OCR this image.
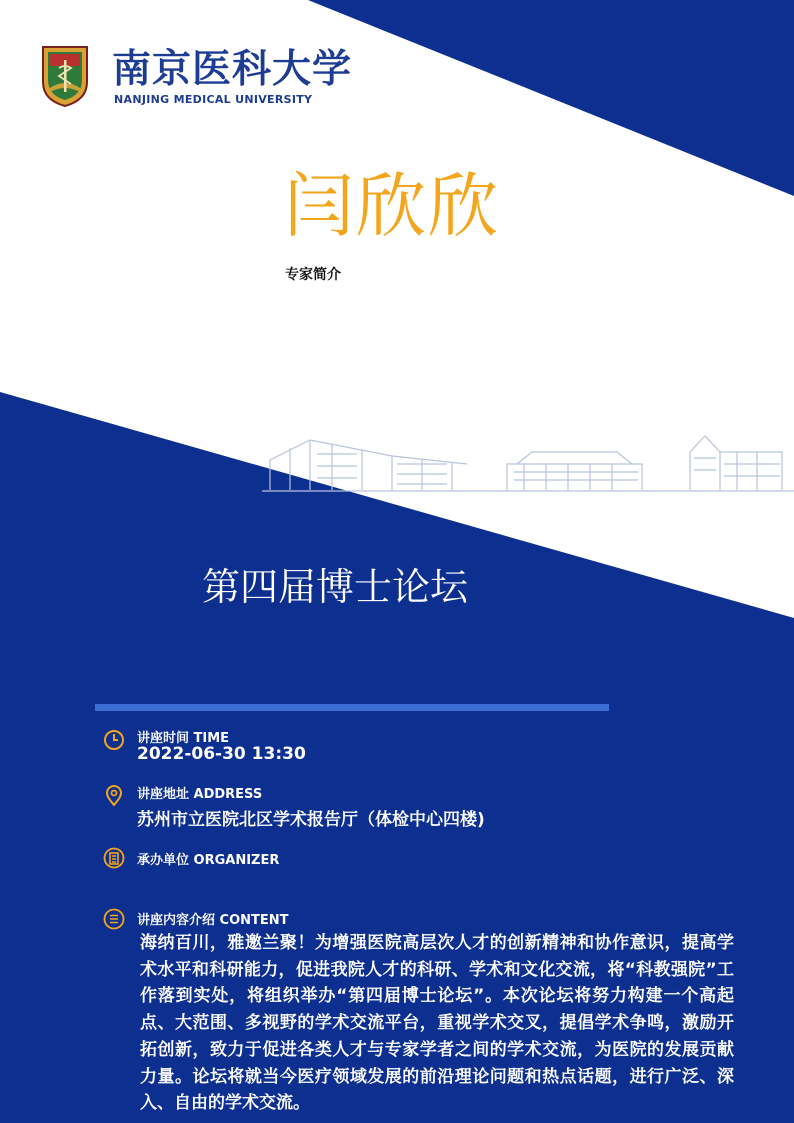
南京医科大学
NANJING MEDICAL UNIVERSITY
闫欣欣
专家简介
第四届博士论坛
讲座时间 TIME
2022-06-30 13:30
讲座地址 ADDRESS
苏州市立医院北区学术报告厅（体检中心四楼)
承办单位 ORGANIZER
讲座内容介绍 CONTENT
海纳百川，雅邀兰聚！为增强医院高层次人才的创新精神和协作意识，提高学术水平和科研能力，促进我院人才的科研、学术和文化交流，将“科教强院”工作落到实处，将组织举办“第四届博士论坛”。本次论坛将努力构建一个高起点、大范围、多视野的学术交流平台，重视学术交叉，提倡学术争鸣，激励开拓创新，致力于促进各类人才与专家学者之间的学术交流，为医院的发展贡献力量。论坛将就当今医疗领域发展的前沿理论问题和热点话题，进行广泛、深入、自由的学术交流。
